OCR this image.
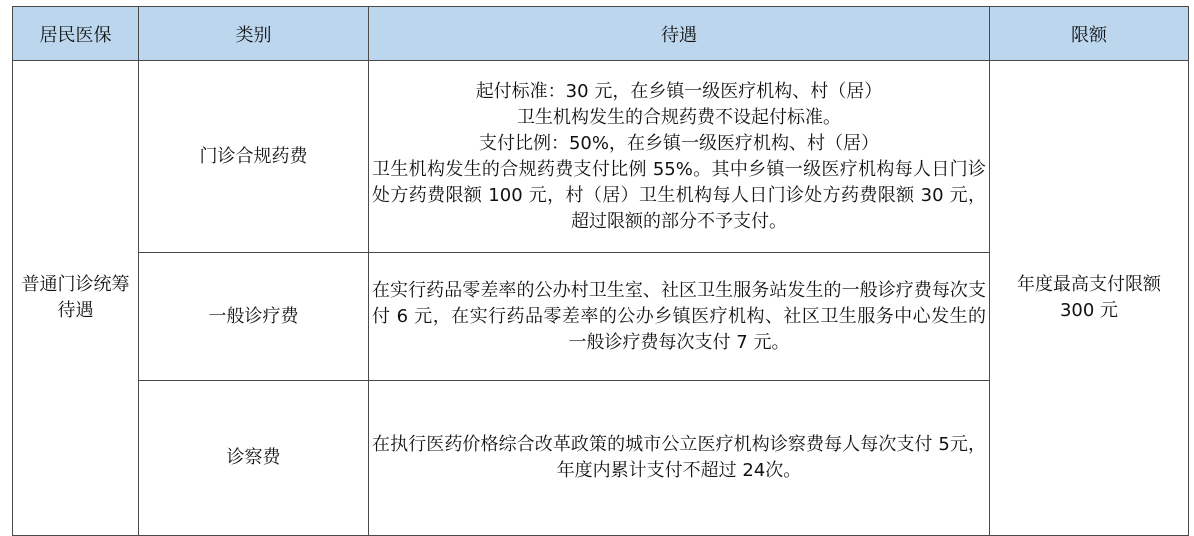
居民医保	类别	待遇	限额
普通门诊统筹待遇	门诊合规药费	起付标准：30 元，在乡镇一级医疗机构、村（居）
卫生机构发生的合规药费不设起付标准。
支付比例：50%，在乡镇一级医疗机构、村（居）
卫生机构发生的合规药费支付比例 55%。其中乡镇一级医疗机构每人日门诊处方药费限额 100 元，村（居）卫生机构每人日门诊处方药费限额 30 元，超过限额的部分不予支付。	年度最高支付限额
300 元

	一般诊疗费	在实行药品零差率的公办村卫生室、社区卫生服务站发生的一般诊疗费每次支付 6 元，在实行药品零差率的公办乡镇医疗机构、社区卫生服务中心发生的一般诊疗费每次支付 7 元。	

	诊察费	在执行医药价格综合改革政策的城市公立医疗机构诊察费每人每次支付 5元，年度内累计支付不超过 24次。	
